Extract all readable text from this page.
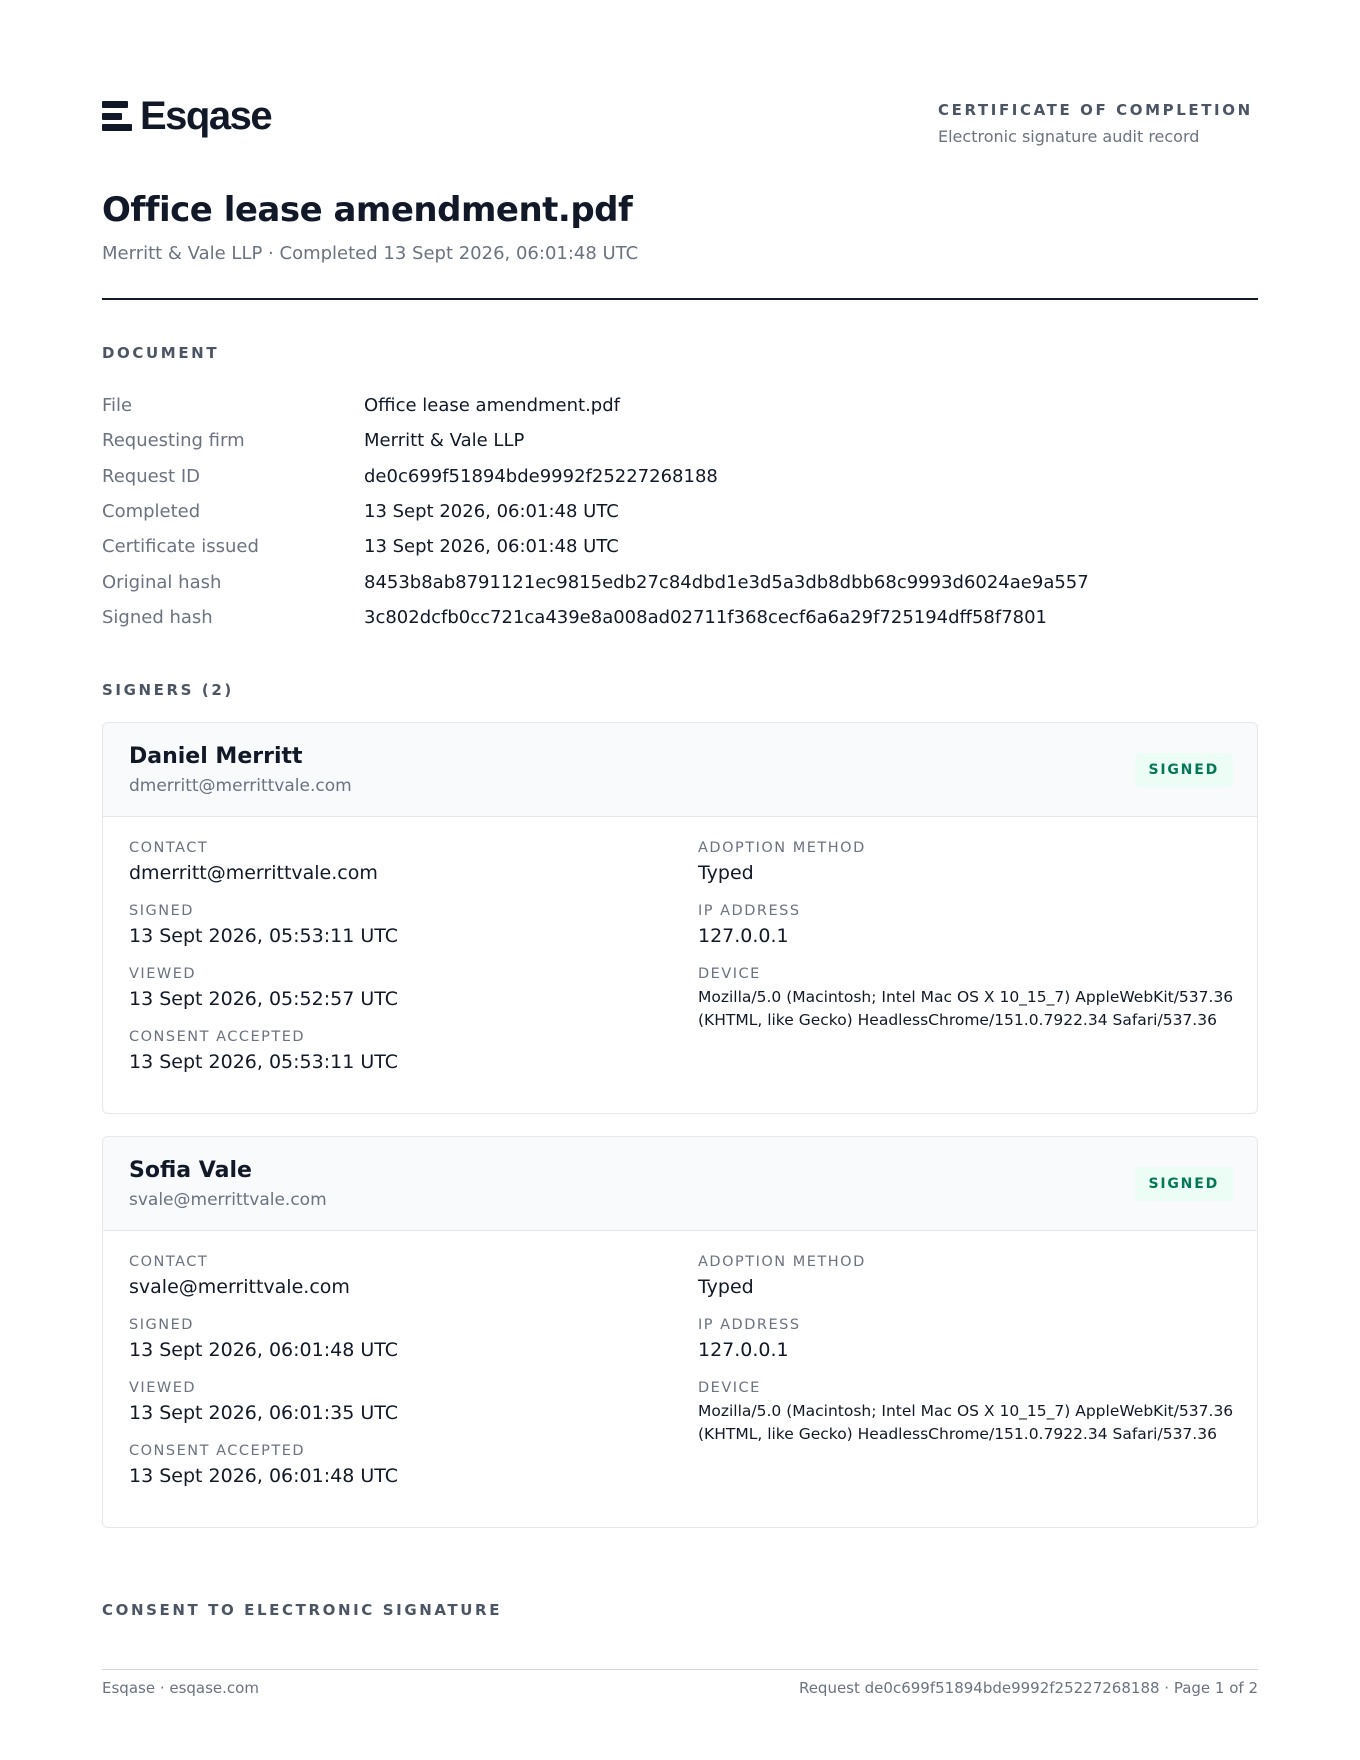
Esqase	CERTIFICATE OF COMPLETION
Electronic signature audit record
Office lease amendment.pdf
Merritt & Vale LLP · Completed 13 Sept 2026, 06:01:48 UTC
DOCUMENT
File	Office lease amendment.pdf
Requesting firm	Merritt & Vale LLP
Request ID	de0c699f51894bde9992f25227268188
Completed	13 Sept 2026, 06:01:48 UTC
Certificate issued	13 Sept 2026, 06:01:48 UTC
Original hash	8453b8ab8791121ec9815edb27c84dbd1e3d5a3db8dbb68c9993d6024ae9a557
Signed hash	3c802dcfb0cc721ca439e8a008ad02711f368cecf6a6a29f725194dff58f7801
SIGNERS (2)
Daniel Merritt
dmerritt@merrittvale.com
SIGNED
CONTACT
dmerritt@merrittvale.com
SIGNED
13 Sept 2026, 05:53:11 UTC
VIEWED
13 Sept 2026, 05:52:57 UTC
CONSENT ACCEPTED
13 Sept 2026, 05:53:11 UTC
ADOPTION METHOD
Typed
IP ADDRESS
127.0.0.1
DEVICE
Mozilla/5.0 (Macintosh; Intel Mac OS X 10_15_7) AppleWebKit/537.36 (KHTML, like Gecko) HeadlessChrome/151.0.7922.34 Safari/537.36
Sofia Vale
svale@merrittvale.com
SIGNED
CONTACT
svale@merrittvale.com
SIGNED
13 Sept 2026, 06:01:48 UTC
VIEWED
13 Sept 2026, 06:01:35 UTC
CONSENT ACCEPTED
13 Sept 2026, 06:01:48 UTC
ADOPTION METHOD
Typed
IP ADDRESS
127.0.0.1
DEVICE
Mozilla/5.0 (Macintosh; Intel Mac OS X 10_15_7) AppleWebKit/537.36 (KHTML, like Gecko) HeadlessChrome/151.0.7922.34 Safari/537.36
CONSENT TO ELECTRONIC SIGNATURE
Esqase · esqase.com	Request de0c699f51894bde9992f25227268188 · Page 1 of 2
